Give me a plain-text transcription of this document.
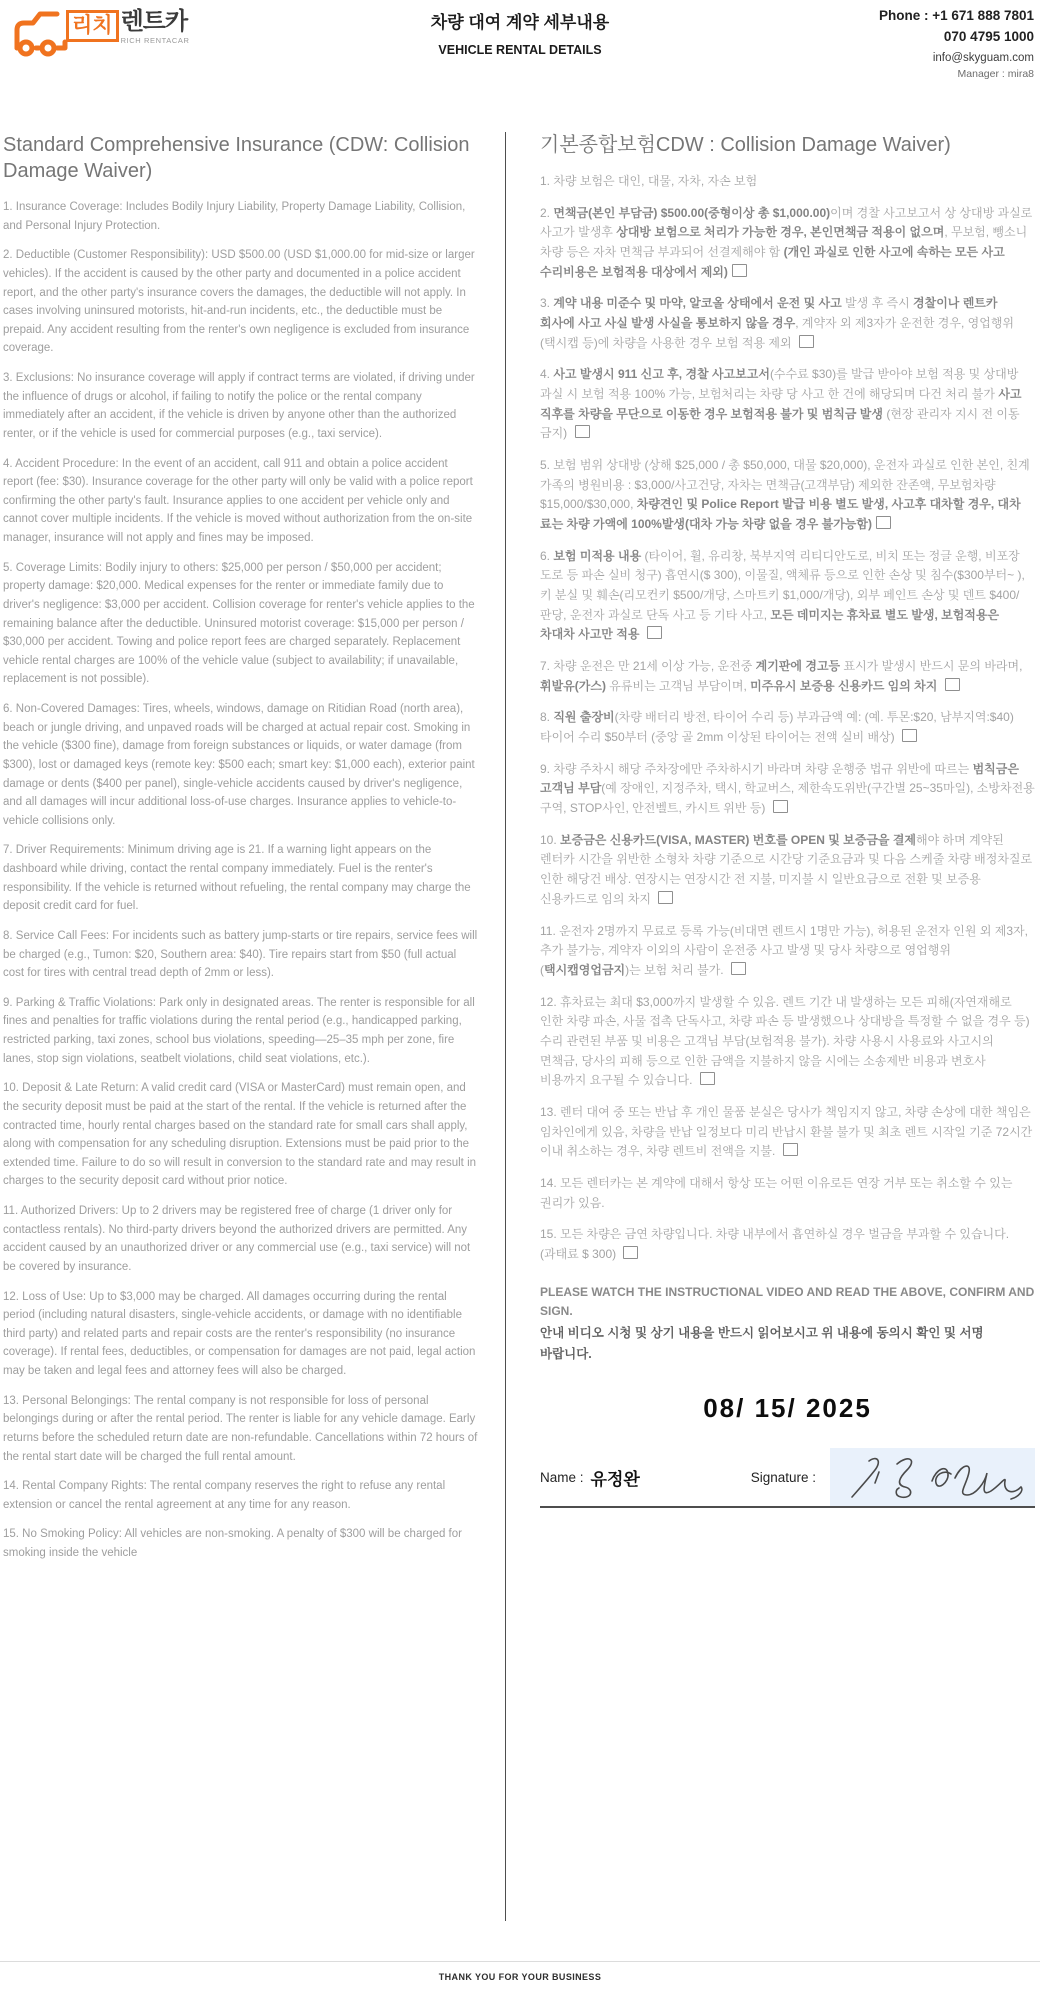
리치 렌트카
RICH RENTACAR
차량 대여 계약 세부내용
VEHICLE RENTAL DETAILS
Phone : +1 671 888 7801
070 4795 1000
info@skyguam.com
Manager : mira8
Standard Comprehensive Insurance (CDW: Collision Damage Waiver)

1. Insurance Coverage: Includes Bodily Injury Liability, Property Damage Liability, Collision, and Personal Injury Protection.

2. Deductible (Customer Responsibility): USD $500.00 (USD $1,000.00 for mid-size or larger vehicles). If the accident is caused by the other party and documented in a police accident report, and the other party's insurance covers the damages, the deductible will not apply. In cases involving uninsured motorists, hit-and-run incidents, etc., the deductible must be prepaid. Any accident resulting from the renter's own negligence is excluded from insurance coverage.

3. Exclusions: No insurance coverage will apply if contract terms are violated, if driving under the influence of drugs or alcohol, if failing to notify the police or the rental company immediately after an accident, if the vehicle is driven by anyone other than the authorized renter, or if the vehicle is used for commercial purposes (e.g., taxi service).

4. Accident Procedure: In the event of an accident, call 911 and obtain a police accident report (fee: $30). Insurance coverage for the other party will only be valid with a police report confirming the other party's fault. Insurance applies to one accident per vehicle only and cannot cover multiple incidents. If the vehicle is moved without authorization from the on-site manager, insurance will not apply and fines may be imposed.

5. Coverage Limits: Bodily injury to others: $25,000 per person / $50,000 per accident; property damage: $20,000. Medical expenses for the renter or immediate family due to driver's negligence: $3,000 per accident. Collision coverage for renter's vehicle applies to the remaining balance after the deductible. Uninsured motorist coverage: $15,000 per person / $30,000 per accident. Towing and police report fees are charged separately. Replacement vehicle rental charges are 100% of the vehicle value (subject to availability; if unavailable, replacement is not possible).

6. Non-Covered Damages: Tires, wheels, windows, damage on Ritidian Road (north area), beach or jungle driving, and unpaved roads will be charged at actual repair cost. Smoking in the vehicle ($300 fine), damage from foreign substances or liquids, or water damage (from $300), lost or damaged keys (remote key: $500 each; smart key: $1,000 each), exterior paint damage or dents ($400 per panel), single-vehicle accidents caused by driver's negligence, and all damages will incur additional loss-of-use charges. Insurance applies to vehicle-to-vehicle collisions only.

7. Driver Requirements: Minimum driving age is 21. If a warning light appears on the dashboard while driving, contact the rental company immediately. Fuel is the renter's responsibility. If the vehicle is returned without refueling, the rental company may charge the deposit credit card for fuel.

8. Service Call Fees: For incidents such as battery jump-starts or tire repairs, service fees will be charged (e.g., Tumon: $20, Southern area: $40). Tire repairs start from $50 (full actual cost for tires with central tread depth of 2mm or less).

9. Parking & Traffic Violations: Park only in designated areas. The renter is responsible for all fines and penalties for traffic violations during the rental period (e.g., handicapped parking, restricted parking, taxi zones, school bus violations, speeding—25–35 mph per zone, fire lanes, stop sign violations, seatbelt violations, child seat violations, etc.).

10. Deposit & Late Return: A valid credit card (VISA or MasterCard) must remain open, and the security deposit must be paid at the start of the rental. If the vehicle is returned after the contracted time, hourly rental charges based on the standard rate for small cars shall apply, along with compensation for any scheduling disruption. Extensions must be paid prior to the extended time. Failure to do so will result in conversion to the standard rate and may result in charges to the security deposit card without prior notice.

11. Authorized Drivers: Up to 2 drivers may be registered free of charge (1 driver only for contactless rentals). No third-party drivers beyond the authorized drivers are permitted. Any accident caused by an unauthorized driver or any commercial use (e.g., taxi service) will not be covered by insurance.

12. Loss of Use: Up to $3,000 may be charged. All damages occurring during the rental period (including natural disasters, single-vehicle accidents, or damage with no identifiable third party) and related parts and repair costs are the renter's responsibility (no insurance coverage). If rental fees, deductibles, or compensation for damages are not paid, legal action may be taken and legal fees and attorney fees will also be charged.

13. Personal Belongings: The rental company is not responsible for loss of personal belongings during or after the rental period. The renter is liable for any vehicle damage. Early returns before the scheduled return date are non-refundable. Cancellations within 72 hours of the rental start date will be charged the full rental amount.

14. Rental Company Rights: The rental company reserves the right to refuse any rental extension or cancel the rental agreement at any time for any reason.

15. No Smoking Policy: All vehicles are non-smoking. A penalty of $300 will be charged for smoking inside the vehicle

기본종합보험CDW : Collision Damage Waiver)

1. 차량 보험은 대인, 대물, 자차, 자손 보험

2. 면책금(본인 부담금) $500.00(중형이상 총 $1,000.00)이며 경찰 사고보고서 상 상대방 과실로 사고가 발생후 상대방 보험으로 처리가 가능한 경우, 본인면책금 적용이 없으며, 무보험, 뺑소니 차량 등은 자차 면책금 부과되어 선결제해야 함 (개인 과실로 인한 사고에 속하는 모든 사고 수리비용은 보험적용 대상에서 제외)

3. 계약 내용 미준수 및 마약, 알코올 상태에서 운전 및 사고 발생 후 즉시 경찰이나 렌트카 회사에 사고 사실 발생 사실을 통보하지 않을 경우, 계약자 외 제3자가 운전한 경우, 영업행위(택시캡 등)에 차량을 사용한 경우 보험 적용 제외

4. 사고 발생시 911 신고 후, 경찰 사고보고서(수수료 $30)를 발급 받아야 보험 적용 및 상대방 과실 시 보험 적용 100% 가능, 보험처리는 차량 당 사고 한 건에 해당되며 다건 처리 불가 사고 직후를 차량을 무단으로 이동한 경우 보험적용 불가 및 범칙금 발생 (현장 관리자 지시 전 이동 금지)

5. 보험 범위 상대방 (상해 $25,000 / 총 $50,000, 대물 $20,000), 운전자 과실로 인한 본인, 친계 가족의 병원비용 : $3,000/사고건당, 자차는 면책금(고객부담) 제외한 잔존액, 무보험차량 $15,000/$30,000, 차량견인 및 Police Report 발급 비용 별도 발생, 사고후 대차할 경우, 대차 료는 차량 가액에 100%발생(대차 가능 차량 없을 경우 불가능함)

6. 보험 미적용 내용 (타이어, 휠, 유리창, 북부지역 리티디안도로, 비치 또는 정글 운행, 비포장 도로 등 파손 실비 청구) 흡연시($ 300), 이물질, 액체류 등으로 인한 손상 및 침수($300부터~ ), 키 분실 및 훼손(리모컨키 $500/개당, 스마트키 $1,000/개당), 외부 페인트 손상 및 덴트 $400/판당, 운전자 과실로 단독 사고 등 기타 사고, 모든 데미지는 휴차료 별도 발생, 보험적용은 차대차 사고만 적용

7. 차량 운전은 만 21세 이상 가능, 운전중 계기판에 경고등 표시가 발생시 반드시 문의 바라며, 휘발유(가스) 유류비는 고객님 부담이며, 미주유시 보증용 신용카드 임의 차지

8. 직원 출장비(차량 배터리 방전, 타이어 수리 등) 부과금액 예: (예. 투몬:$20, 남부지역:$40) 타이어 수리 $50부터 (중앙 골 2mm 이상된 타이어는 전액 실비 배상)

9. 차량 주차시 해당 주차장에만 주차하시기 바라며 차량 운행중 법규 위반에 따르는 범칙금은 고객님 부담(예 장애인, 지정주차, 택시, 학교버스, 제한속도위반(구간별 25~35마일), 소방차전용 구역, STOP사인, 안전벨트, 카시트 위반 등)

10. 보증금은 신용카드(VISA, MASTER) 번호를 OPEN 및 보증금을 결제해야 하며 계약된 렌터카 시간을 위반한 소형차 차량 기준으로 시간당 기준요금과 및 다음 스케줄 차량 배정차질로 인한 해당건 배상. 연장시는 연장시간 전 지불, 미지불 시 일반요금으로 전환 및 보증용 신용카드로 임의 차지

11. 운전자 2명까지 무료로 등록 가능(비대면 렌트시 1명만 가능), 허용된 운전자 인원 외 제3자, 추가 불가능, 계약자 이외의 사람이 운전중 사고 발생 및 당사 차량으로 영업행위(택시캡영업금지)는 보험 처리 불가.

12. 휴차료는 최대 $3,000까지 발생할 수 있음. 렌트 기간 내 발생하는 모든 피해(자연재해로 인한 차량 파손, 사물 접촉 단독사고, 차량 파손 등 발생했으나 상대방을 특정할 수 없을 경우 등) 수리 관련된 부품 및 비용은 고객님 부담(보험적용 불가). 차량 사용시 사용료와 사고시의 면책금, 당사의 피해 등으로 인한 금액을 지불하지 않을 시에는 소송제반 비용과 변호사 비용까지 요구될 수 있습니다.

13. 렌터 대여 중 또는 반납 후 개인 물품 분실은 당사가 책임지지 않고, 차량 손상에 대한 책임은 임차인에게 있음, 차량을 반납 일정보다 미리 반납시 환불 불가 및 최초 렌트 시작일 기준 72시간 이내 취소하는 경우, 차량 렌트비 전액을 지불.

14. 모든 렌터카는 본 계약에 대해서 항상 또는 어떤 이유로든 연장 거부 또는 취소할 수 있는 권리가 있음.

15. 모든 차량은 금연 차량입니다. 차량 내부에서 흡연하실 경우 벌금을 부과할 수 있습니다. (과태료 $ 300)

PLEASE WATCH THE INSTRUCTIONAL VIDEO AND READ THE ABOVE, CONFIRM AND SIGN.
안내 비디오 시청 및 상기 내용을 반드시 읽어보시고 위 내용에 동의시 확인 및 서명 바랍니다.
08/ 15/ 2025
Name : 유정완	Signature :
THANK YOU FOR YOUR BUSINESS
